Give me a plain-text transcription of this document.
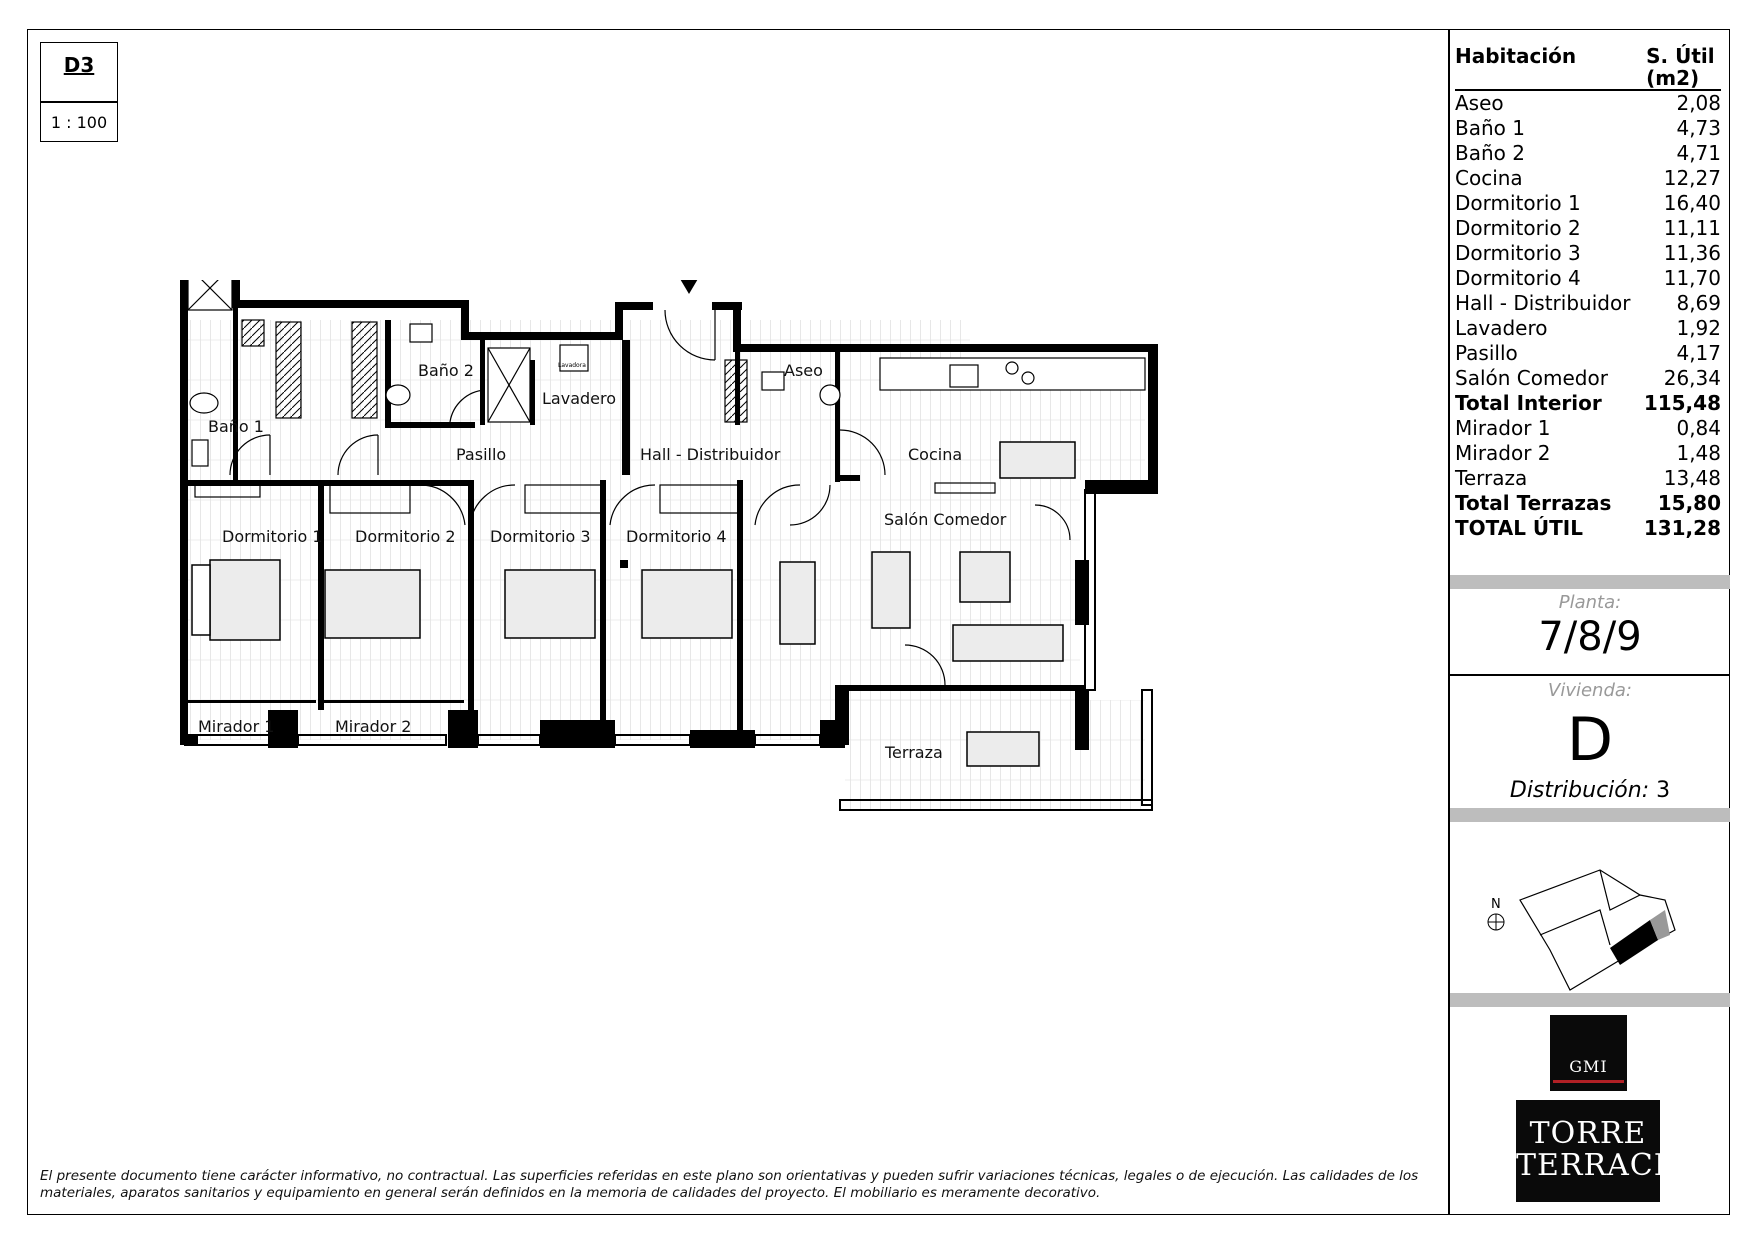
D3
1 : 100
Baño 1
Baño 2
Lavadero
Aseo
Pasillo	Hall - Distribuidor	Cocina
Salón Comedor
Dormitorio 1 Dormitorio 2 Dormitorio 3 Dormitorio 4
Mirador 1	Mirador 2
Terraza
Lavadora
Habitación	S. Útil (m2)
Aseo	2,08
Baño 1	4,73
Baño 2	4,71
Cocina	12,27
Dormitorio 1	16,40
Dormitorio 2	11,11
Dormitorio 3	11,36
Dormitorio 4	11,70
Hall - Distribuidor 8,69
Lavadero	1,92
Pasillo	4,17
Salón Comedor	26,34
Total Interior 115,48
Mirador 1	0,84
Mirador 2	1,48
Terraza	13,48
Total Terrazas 15,80
TOTAL ÚTIL	131,28
Planta:
7/8/9
Vivienda:
D
Distribución: 3
N
GMI
TORRE
TERRACE
El presente documento tiene carácter informativo, no contractual. Las superficies referidas en este plano son orientativas y pueden sufrir variaciones técnicas, legales o de ejecución. Las calidades de los materiales, aparatos sanitarios y equipamiento en general serán definidos en la memoria de calidades del proyecto. El mobiliario es meramente decorativo.
